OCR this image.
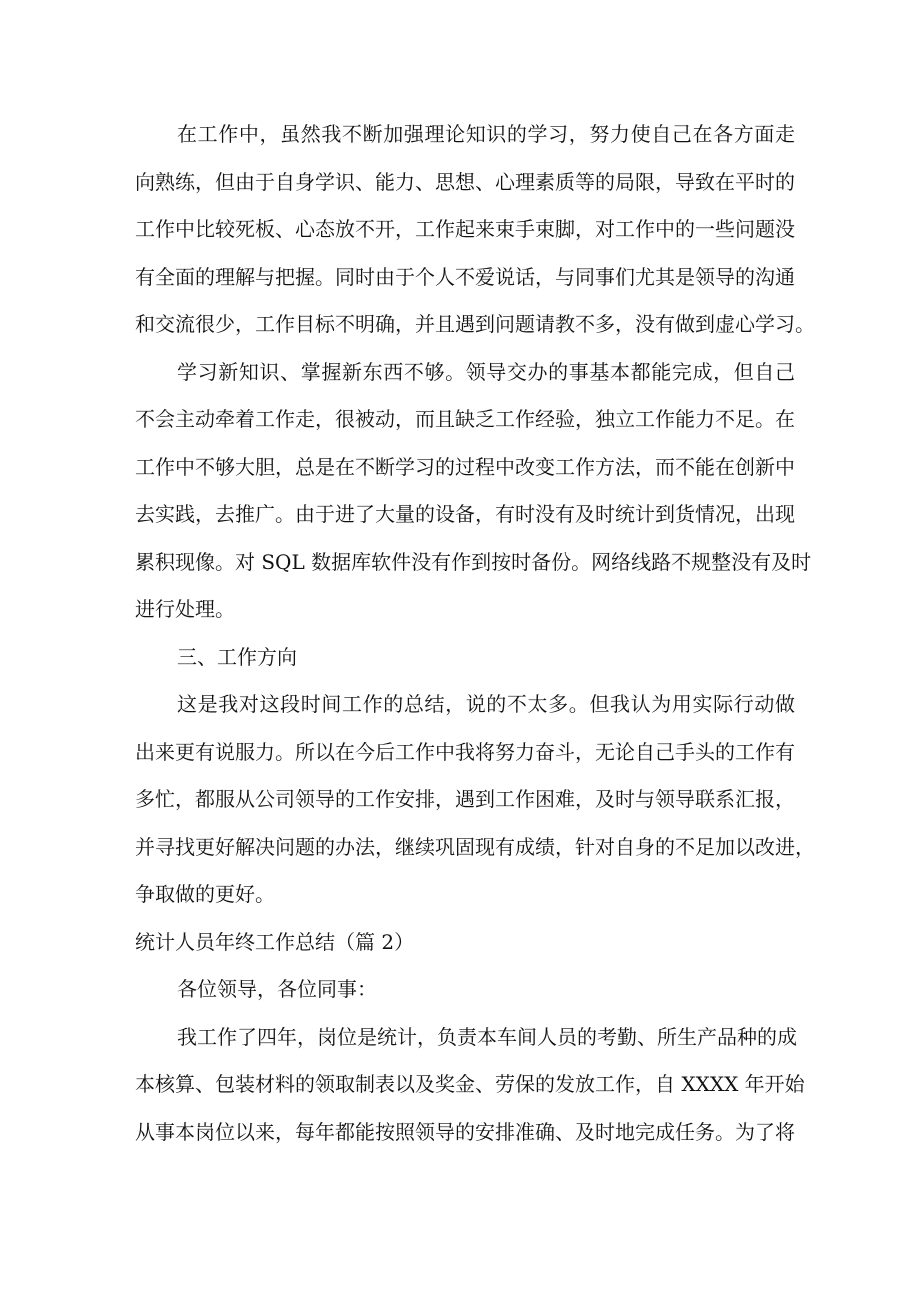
在工作中，虽然我不断加强理论知识的学习，努力使自己在各方面走
向熟练，但由于自身学识、能力、思想、心理素质等的局限，导致在平时的
工作中比较死板、心态放不开，工作起来束手束脚，对工作中的一些问题没
有全面的理解与把握。同时由于个人不爱说话，与同事们尤其是领导的沟通
和交流很少，工作目标不明确，并且遇到问题请教不多，没有做到虚心学习。
学习新知识、掌握新东西不够。领导交办的事基本都能完成，但自己
不会主动牵着工作走，很被动，而且缺乏工作经验，独立工作能力不足。在
工作中不够大胆，总是在不断学习的过程中改变工作方法，而不能在创新中
去实践，去推广。由于进了大量的设备，有时没有及时统计到货情况，出现
累积现像。对 SQL 数据库软件没有作到按时备份。网络线路不规整没有及时
进行处理。
三、工作方向
这是我对这段时间工作的总结，说的不太多。但我认为用实际行动做
出来更有说服力。所以在今后工作中我将努力奋斗，无论自己手头的工作有
多忙，都服从公司领导的工作安排，遇到工作困难，及时与领导联系汇报，
并寻找更好解决问题的办法，继续巩固现有成绩，针对自身的不足加以改进，
争取做的更好。
统计人员年终工作总结（篇 2）
各位领导，各位同事：
我工作了四年，岗位是统计，负责本车间人员的考勤、所生产品种的成
本核算、包装材料的领取制表以及奖金、劳保的发放工作，自 XXXX 年开始
从事本岗位以来，每年都能按照领导的安排准确、及时地完成任务。为了将
